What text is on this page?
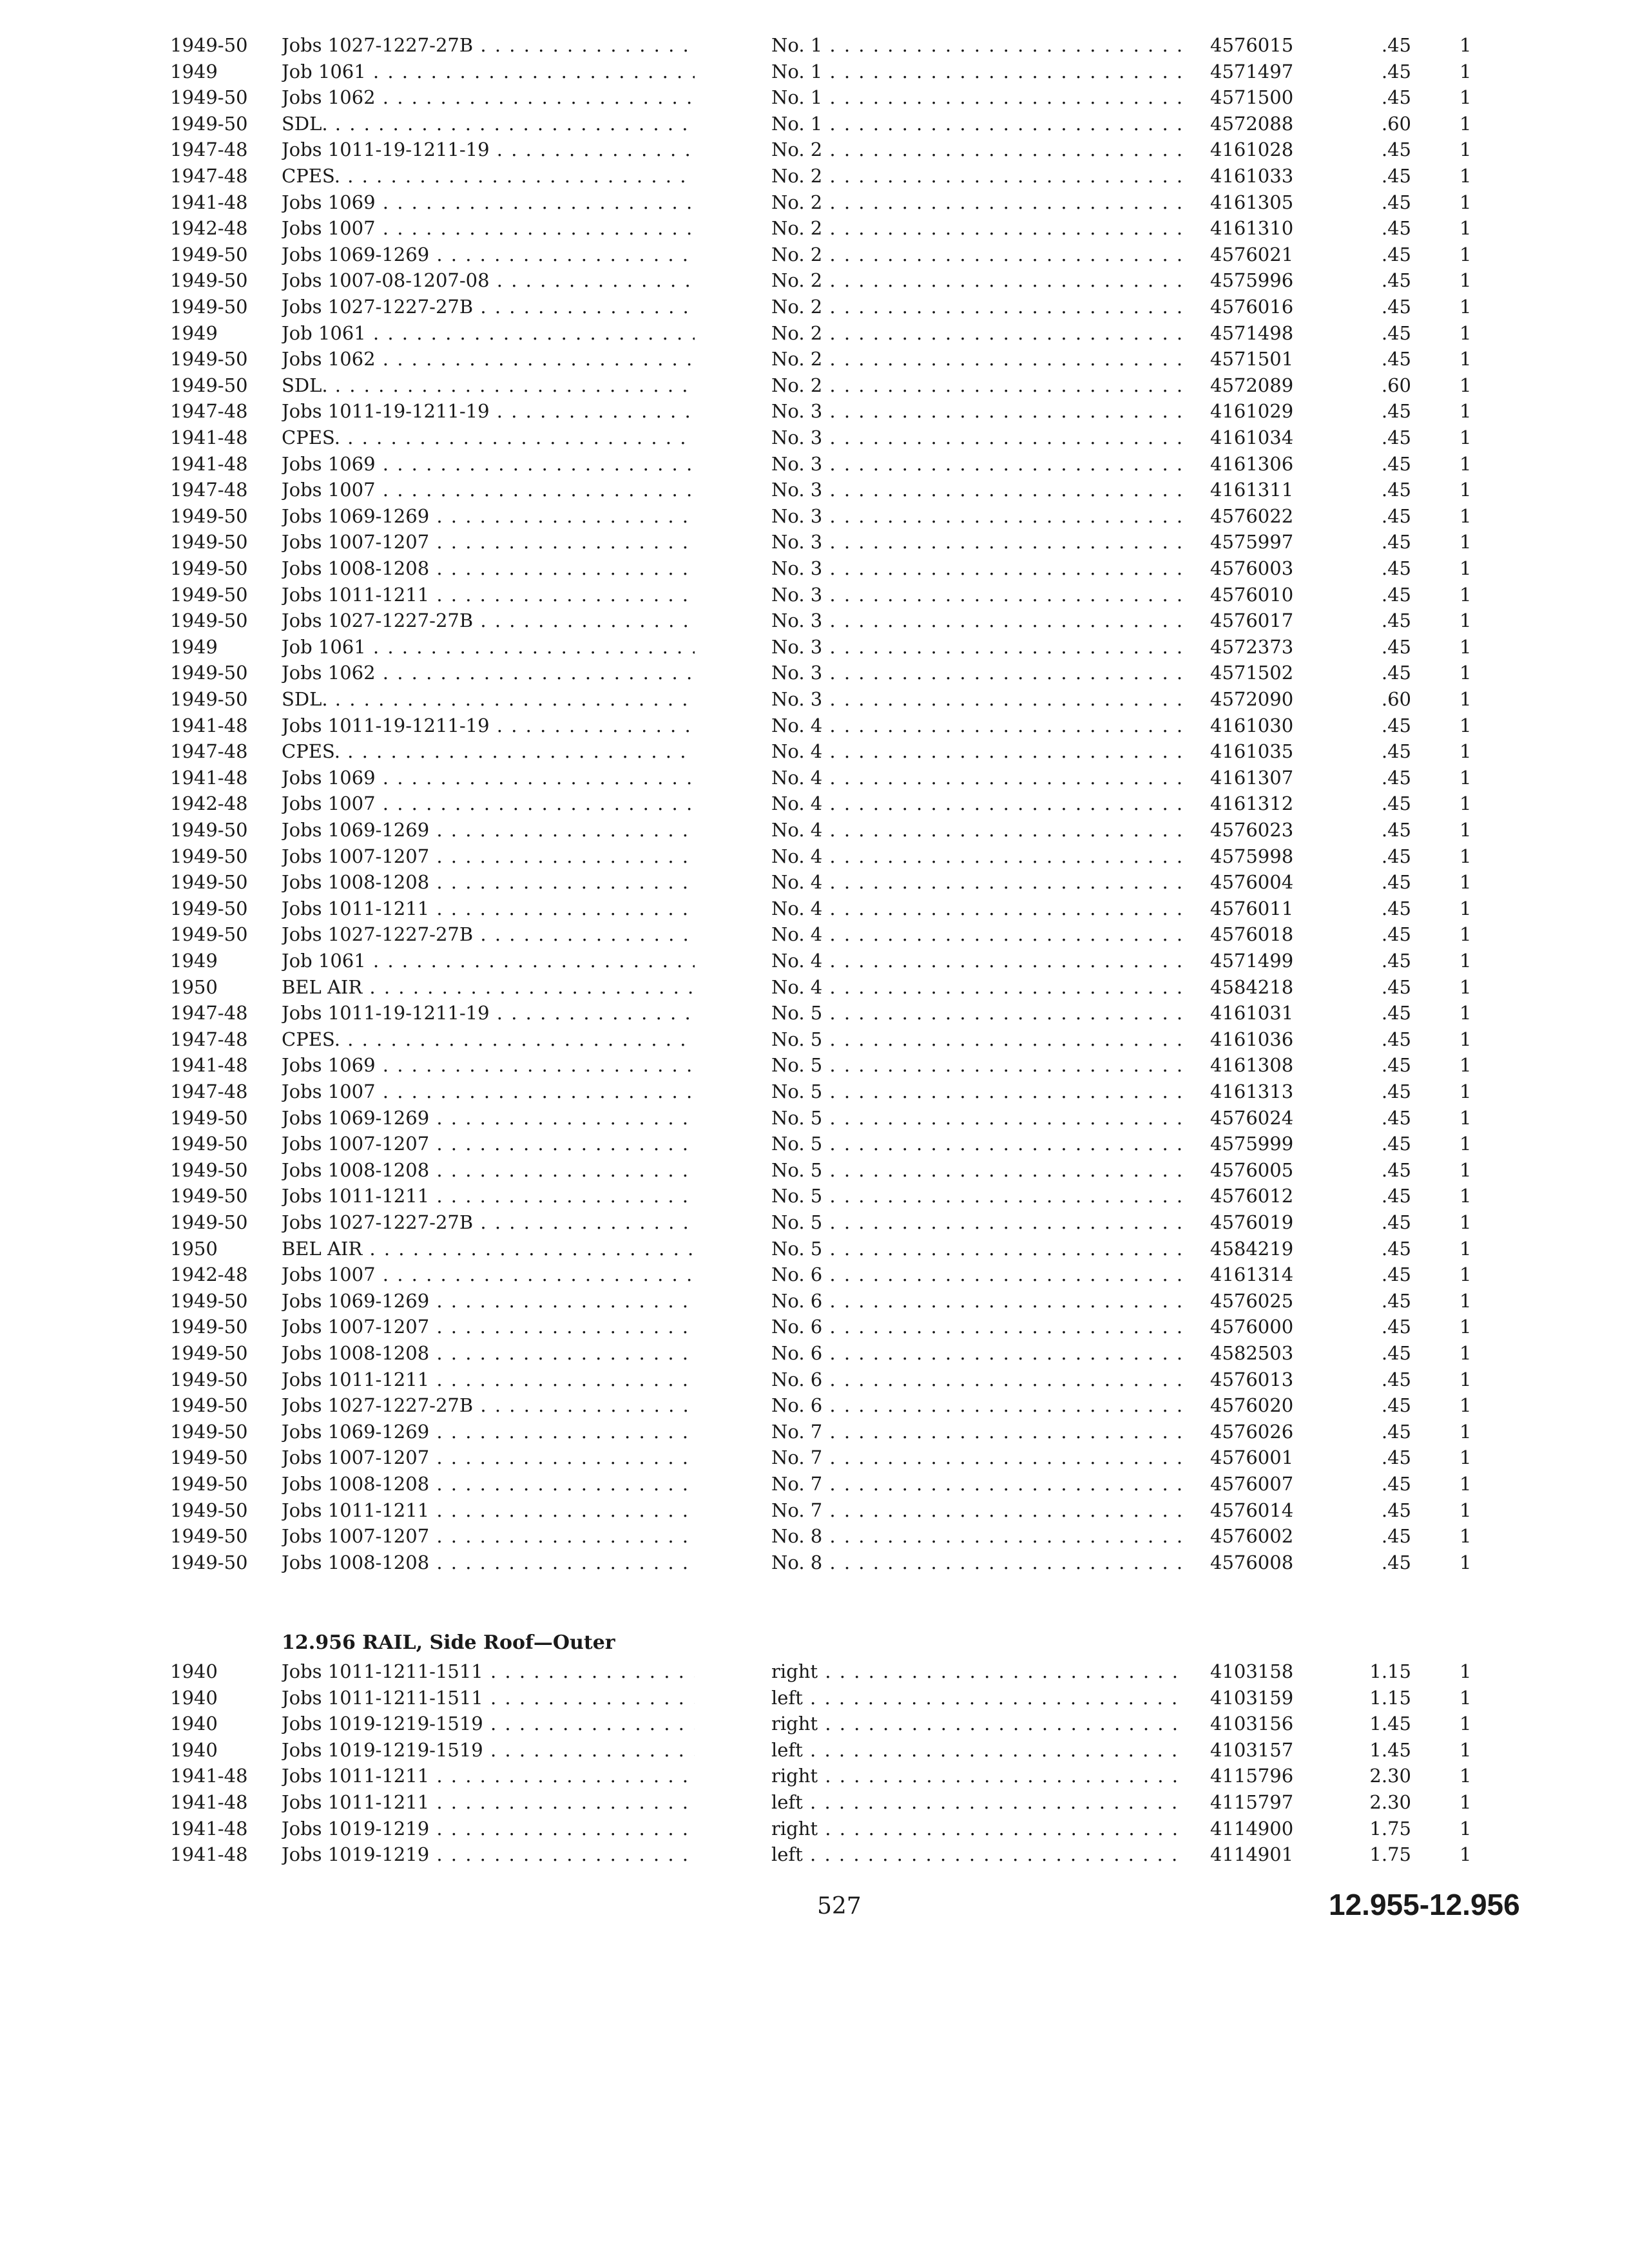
1949-50 Jobs 1027-1227-27B . . .	No. 1 . . .	4576015	.45	1
1949	Job 1061 . . .	No. 1 . . .	4571497	.45	1
1949-50 Jobs 1062 . . .	No. 1 . . .	4571500	.45	1
1949-50 SDL. . . .	No. 1 . . .	4572088	.60	1
1947-48 Jobs 1011-19-1211-19 . . .	No. 2 . . .	4161028	.45	1
1947-48 CPES. . . .	No. 2 . . .	4161033	.45	1
1941-48 Jobs 1069 . . .	No. 2 . . .	4161305	.45	1
1942-48 Jobs 1007 . . .	No. 2 . . .	4161310	.45	1
1949-50 Jobs 1069-1269 . . .	No. 2 . . .	4576021	.45	1
1949-50 Jobs 1007-08-1207-08 . . .	No. 2 . . .	4575996	.45	1
1949-50 Jobs 1027-1227-27B . . .	No. 2 . . .	4576016	.45	1
1949	Job 1061 . . .	No. 2 . . .	4571498	.45	1
1949-50 Jobs 1062 . . .	No. 2 . . .	4571501	.45	1
1949-50 SDL. . . .	No. 2 . . .	4572089	.60	1
1947-48 Jobs 1011-19-1211-19 . . .	No. 3 . . .	4161029	.45	1
1941-48 CPES. . . .	No. 3 . . .	4161034	.45	1
1941-48 Jobs 1069 . . .	No. 3 . . .	4161306	.45	1
1947-48 Jobs 1007 . . .	No. 3 . . .	4161311	.45	1
1949-50 Jobs 1069-1269 . . .	No. 3 . . .	4576022	.45	1
1949-50 Jobs 1007-1207 . . .	No. 3 . . .	4575997	.45	1
1949-50 Jobs 1008-1208 . . .	No. 3 . . .	4576003	.45	1
1949-50 Jobs 1011-1211 . . .	No. 3 . . .	4576010	.45	1
1949-50 Jobs 1027-1227-27B . . .	No. 3 . . .	4576017	.45	1
1949	Job 1061 . . .	No. 3 . . .	4572373	.45	1
1949-50 Jobs 1062 . . .	No. 3 . . .	4571502	.45	1
1949-50 SDL. . . .	No. 3 . . .	4572090	.60	1
1941-48 Jobs 1011-19-1211-19 . . .	No. 4 . . .	4161030	.45	1
1947-48 CPES. . . .	No. 4 . . .	4161035	.45	1
1941-48 Jobs 1069 . . .	No. 4 . . .	4161307	.45	1
1942-48 Jobs 1007 . . .	No. 4 . . .	4161312	.45	1
1949-50 Jobs 1069-1269 . . .	No. 4 . . .	4576023	.45	1
1949-50 Jobs 1007-1207 . . .	No. 4 . . .	4575998	.45	1
1949-50 Jobs 1008-1208 . . .	No. 4 . . .	4576004	.45	1
1949-50 Jobs 1011-1211 . . .	No. 4 . . .	4576011	.45	1
1949-50 Jobs 1027-1227-27B . . .	No. 4 . . .	4576018	.45	1
1949	Job 1061 . . .	No. 4 . . .	4571499	.45	1
1950	BEL AIR . . .	No. 4 . . .	4584218	.45	1
1947-48 Jobs 1011-19-1211-19 . . .	No. 5 . . .	4161031	.45	1
1947-48 CPES. . . .	No. 5 . . .	4161036	.45	1
1941-48 Jobs 1069 . . .	No. 5 . . .	4161308	.45	1
1947-48 Jobs 1007 . . .	No. 5 . . .	4161313	.45	1
1949-50 Jobs 1069-1269 . . .	No. 5 . . .	4576024	.45	1
1949-50 Jobs 1007-1207 . . .	No. 5 . . .	4575999	.45	1
1949-50 Jobs 1008-1208 . . .	No. 5 . . .	4576005	.45	1
1949-50 Jobs 1011-1211 . . .	No. 5 . . .	4576012	.45	1
1949-50 Jobs 1027-1227-27B . . .	No. 5 . . .	4576019	.45	1
1950	BEL AIR . . .	No. 5 . . .	4584219	.45	1
1942-48 Jobs 1007 . . .	No. 6 . . .	4161314	.45	1
1949-50 Jobs 1069-1269 . . .	No. 6 . . .	4576025	.45	1
1949-50 Jobs 1007-1207 . . .	No. 6 . . .	4576000	.45	1
1949-50 Jobs 1008-1208 . . .	No. 6 . . .	4582503	.45	1
1949-50 Jobs 1011-1211 . . .	No. 6 . . .	4576013	.45	1
1949-50 Jobs 1027-1227-27B . . .	No. 6 . . .	4576020	.45	1
1949-50 Jobs 1069-1269 . . .	No. 7 . . .	4576026	.45	1
1949-50 Jobs 1007-1207 . . .	No. 7 . . .	4576001	.45	1
1949-50 Jobs 1008-1208 . . .	No. 7 . . .	4576007	.45	1
1949-50 Jobs 1011-1211 . . .	No. 7 . . .	4576014	.45	1
1949-50 Jobs 1007-1207 . . .	No. 8 . . .	4576002	.45	1
1949-50 Jobs 1008-1208 . . .	No. 8 . . .	4576008	.45	1
12.956 RAIL, Side Roof—Outer
1940	Jobs 1011-1211-1511 . . .	right . . .	4103158	1.15	1
1940	Jobs 1011-1211-1511 . . .	left . . .	4103159	1.15	1
1940	Jobs 1019-1219-1519 . . .	right . . .	4103156	1.45	1
1940	Jobs 1019-1219-1519 . . .	left . . .	4103157	1.45	1
1941-48 Jobs 1011-1211 . . .	right . . .	4115796	2.30	1
1941-48 Jobs 1011-1211 . . .	left . . .	4115797	2.30	1
1941-48 Jobs 1019-1219 . . .	right . . .	4114900	1.75	1
1941-48 Jobs 1019-1219 . . .	left . . .	4114901	1.75	1
527	12.955-12.956
